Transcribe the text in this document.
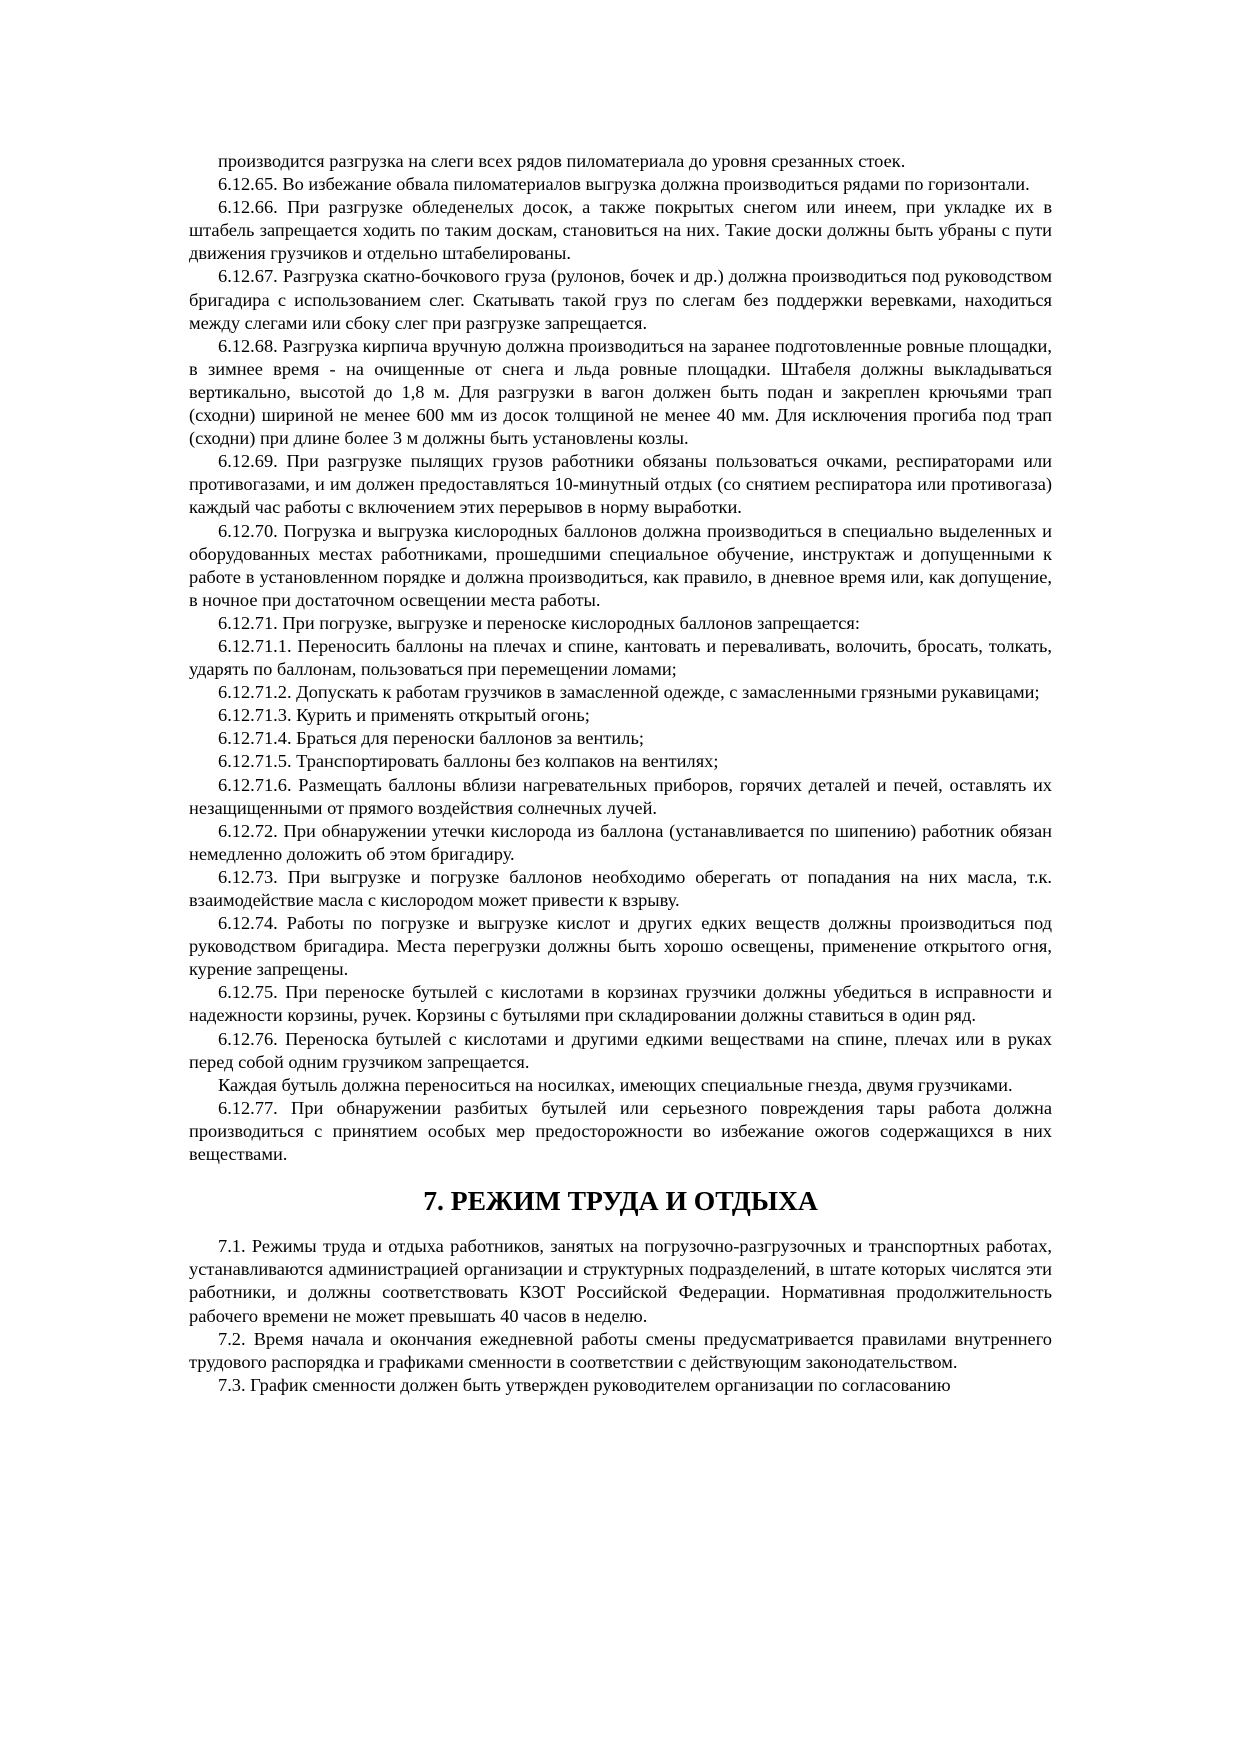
производится разгрузка на слеги всех рядов пиломатериала до уровня срезанных стоек.

6.12.65. Во избежание обвала пиломатериалов выгрузка должна производиться рядами по горизонтали.

6.12.66. При разгрузке обледенелых досок, а также покрытых снегом или инеем, при укладке их в штабель запрещается ходить по таким доскам, становиться на них. Такие доски должны быть убраны с пути движения грузчиков и отдельно штабелированы.

6.12.67. Разгрузка скатно-бочкового груза (рулонов, бочек и др.) должна производиться под руководством бригадира с использованием слег. Скатывать такой груз по слегам без поддержки веревками, находиться между слегами или сбоку слег при разгрузке запрещается.

6.12.68. Разгрузка кирпича вручную должна производиться на заранее подготовленные ровные площадки, в зимнее время - на очищенные от снега и льда ровные площадки. Штабеля должны выкладываться вертикально, высотой до 1,8 м. Для разгрузки в вагон должен быть подан и закреплен крючьями трап (сходни) шириной не менее 600 мм из досок толщиной не менее 40 мм. Для исключения прогиба под трап (сходни) при длине более 3 м должны быть установлены козлы.

6.12.69. При разгрузке пылящих грузов работники обязаны пользоваться очками, респираторами или противогазами, и им должен предоставляться 10-минутный отдых (со снятием респиратора или противогаза) каждый час работы с включением этих перерывов в норму выработки.

6.12.70. Погрузка и выгрузка кислородных баллонов должна производиться в специально выделенных и оборудованных местах работниками, прошедшими специальное обучение, инструктаж и допущенными к работе в установленном порядке и должна производиться, как правило, в дневное время или, как допущение, в ночное при достаточном освещении места работы.

6.12.71. При погрузке, выгрузке и переноске кислородных баллонов запрещается:

6.12.71.1. Переносить баллоны на плечах и спине, кантовать и переваливать, волочить, бросать, толкать, ударять по баллонам, пользоваться при перемещении ломами;

6.12.71.2. Допускать к работам грузчиков в замасленной одежде, с замасленными грязными рукавицами;

6.12.71.3. Курить и применять открытый огонь;

6.12.71.4. Браться для переноски баллонов за вентиль;

6.12.71.5. Транспортировать баллоны без колпаков на вентилях;

6.12.71.6. Размещать баллоны вблизи нагревательных приборов, горячих деталей и печей, оставлять их незащищенными от прямого воздействия солнечных лучей.

6.12.72. При обнаружении утечки кислорода из баллона (устанавливается по шипению) работник обязан немедленно доложить об этом бригадиру.

6.12.73. При выгрузке и погрузке баллонов необходимо оберегать от попадания на них масла, т.к. взаимодействие масла с кислородом может привести к взрыву.

6.12.74. Работы по погрузке и выгрузке кислот и других едких веществ должны производиться под руководством бригадира. Места перегрузки должны быть хорошо освещены, применение открытого огня, курение запрещены.

6.12.75. При переноске бутылей с кислотами в корзинах грузчики должны убедиться в исправности и надежности корзины, ручек. Корзины с бутылями при складировании должны ставиться в один ряд.

6.12.76. Переноска бутылей с кислотами и другими едкими веществами на спине, плечах или в руках перед собой одним грузчиком запрещается.

Каждая бутыль должна переноситься на носилках, имеющих специальные гнезда, двумя грузчиками.

6.12.77. При обнаружении разбитых бутылей или серьезного повреждения тары работа должна производиться с принятием особых мер предосторожности во избежание ожогов содержащихся в них веществами.

7. РЕЖИМ ТРУДА И ОТДЫХА

7.1. Режимы труда и отдыха работников, занятых на погрузочно-разгрузочных и транспортных работах, устанавливаются администрацией организации и структурных подразделений, в штате которых числятся эти работники, и должны соответствовать КЗОТ Российской Федерации. Нормативная продолжительность рабочего времени не может превышать 40 часов в неделю.

7.2. Время начала и окончания ежедневной работы смены предусматривается правилами внутреннего трудового распорядка и графиками сменности в соответствии с действующим законодательством.

7.3. График сменности должен быть утвержден руководителем организации по согласованию
